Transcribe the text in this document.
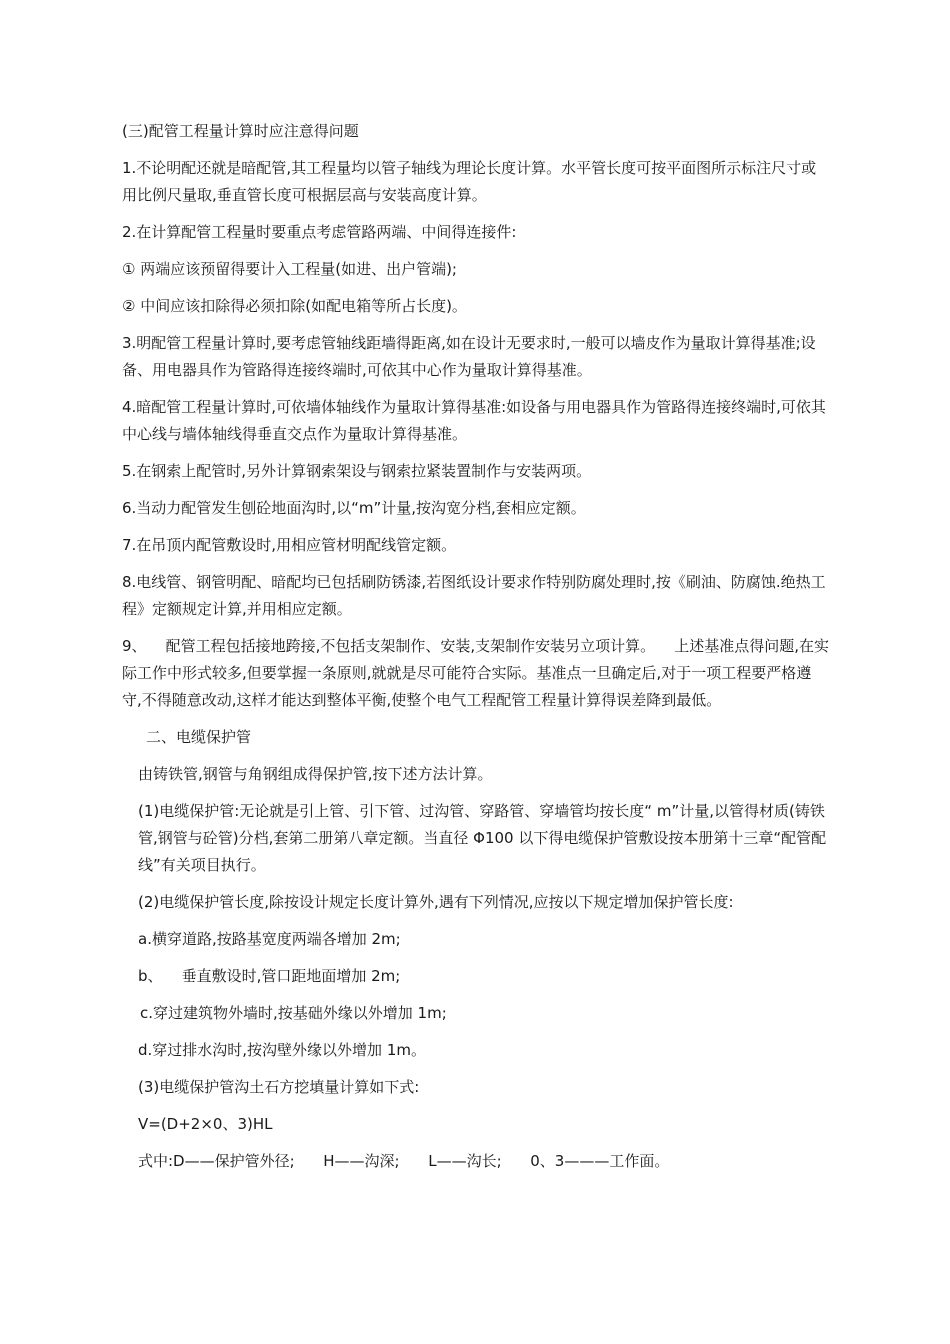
(三)配管工程量计算时应注意得问题

1.不论明配还就是暗配管,其工程量均以管子轴线为理论长度计算。水平管长度可按平面图所示标注尺寸或用比例尺量取,垂直管长度可根据层高与安装高度计算。

2.在计算配管工程量时要重点考虑管路两端、中间得连接件:

① 两端应该预留得要计入工程量(如进、出户管端);

② 中间应该扣除得必须扣除(如配电箱等所占长度)。

3.明配管工程量计算时,要考虑管轴线距墙得距离,如在设计无要求时,一般可以墙皮作为量取计算得基准;设备、用电器具作为管路得连接终端时,可依其中心作为量取计算得基准。

4.暗配管工程量计算时,可依墙体轴线作为量取计算得基准:如设备与用电器具作为管路得连接终端时,可依其中心线与墙体轴线得垂直交点作为量取计算得基准。

5.在钢索上配管时,另外计算钢索架设与钢索拉紧装置制作与安装两项。

6.当动力配管发生刨砼地面沟时,以“m”计量,按沟宽分档,套相应定额。

7.在吊顶内配管敷设时,用相应管材明配线管定额。

8.电线管、钢管明配、暗配均已包括刷防锈漆,若图纸设计要求作特别防腐处理时,按《刷油、防腐蚀.绝热工程》定额规定计算,并用相应定额。

9、    配管工程包括接地跨接,不包括支架制作、安装,支架制作安装另立项计算。    上述基准点得问题,在实际工作中形式较多,但要掌握一条原则,就就是尽可能符合实际。基准点一旦确定后,对于一项工程要严格遵守,不得随意改动,这样才能达到整体平衡,使整个电气工程配管工程量计算得误差降到最低。

二、电缆保护管

由铸铁管,钢管与角钢组成得保护管,按下述方法计算。

(1)电缆保护管:无论就是引上管、引下管、过沟管、穿路管、穿墙管均按长度“ m”计量,以管得材质(铸铁管,钢管与砼管)分档,套第二册第八章定额。当直径 Φ100 以下得电缆保护管敷设按本册第十三章“配管配线”有关项目执行。

(2)电缆保护管长度,除按设计规定长度计算外,遇有下列情况,应按以下规定增加保护管长度:

a.横穿道路,按路基宽度两端各增加 2m;

b、    垂直敷设时,管口距地面增加 2m;

c.穿过建筑物外墙时,按基础外缘以外增加 1m;

d.穿过排水沟时,按沟壁外缘以外增加 1m。

(3)电缆保护管沟土石方挖填量计算如下式:

V=(D+2×0、3)HL

式中:D——保护管外径;      H——沟深;      L——沟长;      0、3———工作面。
